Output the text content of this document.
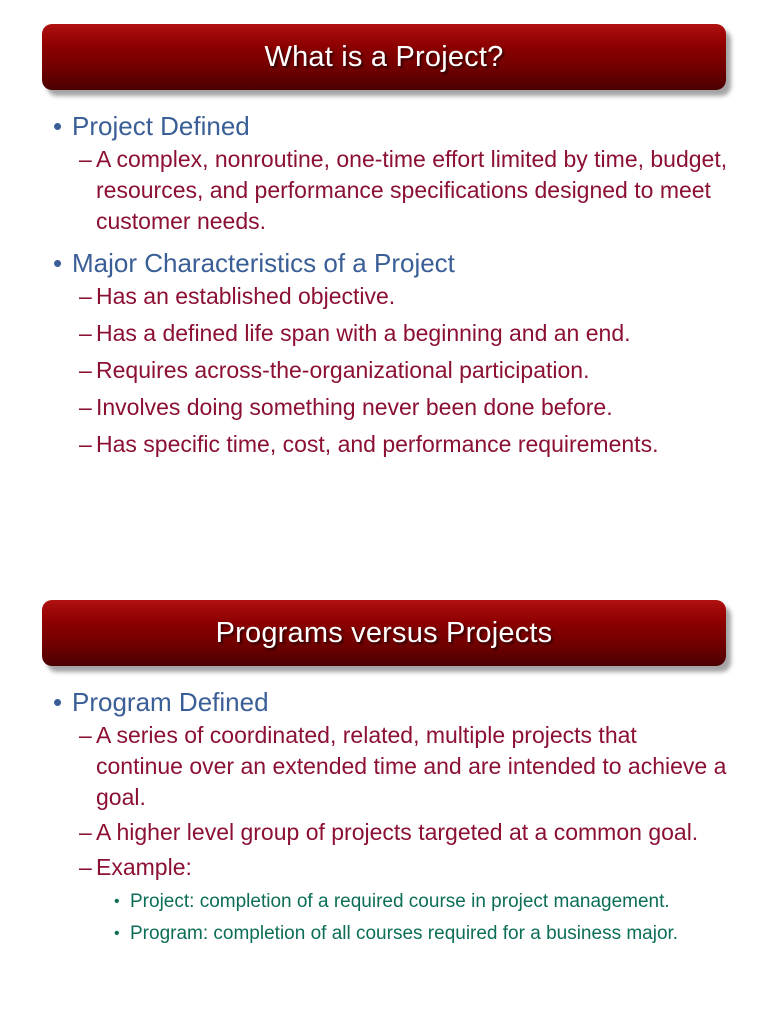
What is a Project?
• Project Defined
– A complex, nonroutine, one-time effort limited by time, budget, resources, and performance specifications designed to meet customer needs.
• Major Characteristics of a Project
– Has an established objective.
– Has a defined life span with a beginning and an end.
– Requires across-the-organizational participation.
– Involves doing something never been done before.
– Has specific time, cost, and performance requirements.
Programs versus Projects
• Program Defined
– A series of coordinated, related, multiple projects that continue over an extended time and are intended to achieve a goal.
– A higher level group of projects targeted at a common goal.
– Example:
• Project: completion of a required course in project management.
• Program: completion of all courses required for a business major.
